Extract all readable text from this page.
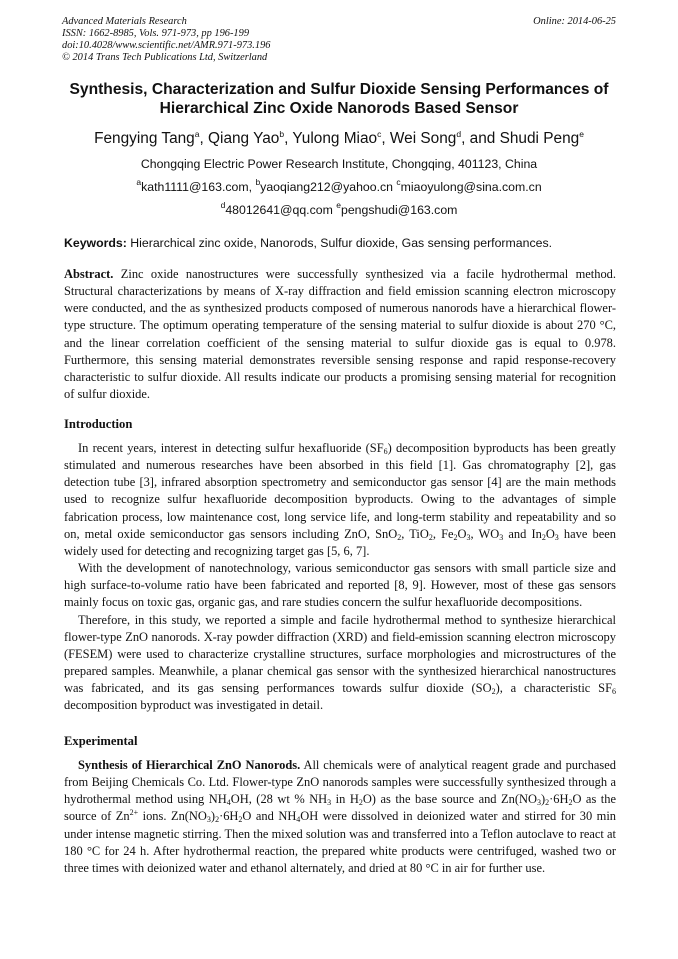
Advanced Materials Research
ISSN: 1662-8985, Vols. 971-973, pp 196-199
doi:10.4028/www.scientific.net/AMR.971-973.196
© 2014 Trans Tech Publications Ltd, Switzerland
Online: 2014-06-25
Synthesis, Characterization and Sulfur Dioxide Sensing Performances of
Hierarchical Zinc Oxide Nanorods Based Sensor
Fengying Tang$^a$, Qiang Yao$^b$, Yulong Miao$^c$, Wei Song$^d$, and Shudi Peng$^e$
Chongqing Electric Power Research Institute, Chongqing, 401123, China
$^a$kath1111@163.com, $^b$yaoqiang212@yahoo.cn $^c$miaoyulong@sina.com.cn
$^d$48012641@qq.com $^e$pengshudi@163.com
Keywords: Hierarchical zinc oxide, Nanorods, Sulfur dioxide, Gas sensing performances.

Abstract. Zinc oxide nanostructures were successfully synthesized via a facile hydrothermal method. Structural characterizations by means of X-ray diffraction and field emission scanning electron microscopy were conducted, and the as synthesized products composed of numerous nanorods have a hierarchical flower-type structure. The optimum operating temperature of the sensing material to sulfur dioxide is about 270 °C, and the linear correlation coefficient of the sensing material to sulfur dioxide gas is equal to 0.978. Furthermore, this sensing material demonstrates reversible sensing response and rapid response-recovery characteristic to sulfur dioxide. All results indicate our products a promising sensing material for recognition of sulfur dioxide.

Introduction

In recent years, interest in detecting sulfur hexafluoride $(SF_6)$ decomposition byproducts has been greatly stimulated and numerous researches have been absorbed in this field [1]. Gas chromatography [2], gas detection tube [3], infrared absorption spectrometry and semiconductor gas sensor [4] are the main methods used to recognize sulfur hexafluoride decomposition byproducts. Owing to the advantages of simple fabrication process, low maintenance cost, long service life, and long-term stability and repeatability and so on, metal oxide semiconductor gas sensors including ZnO, SnO$_2$, TiO$_2$, $Fe_2O_3$, $WO_3$ and $In_2O_3$ have been widely used for detecting and recognizing target gas [5, 6, 7].

With the development of nanotechnology, various semiconductor gas sensors with small particle size and high surface-to-volume ratio have been fabricated and reported [8, 9]. However, most of these gas sensors mainly focus on toxic gas, organic gas, and rare studies concern the sulfur hexafluoride decompositions.

Therefore, in this study, we reported a simple and facile hydrothermal method to synthesize hierarchical flower-type ZnO nanorods. X-ray powder diffraction (XRD) and field-emission scanning electron microscopy (FESEM) were used to characterize crystalline structures, surface morphologies and microstructures of the prepared samples. Meanwhile, a planar chemical gas sensor with the synthesized hierarchical nanostructures was fabricated, and its gas sensing performances towards sulfur dioxide $(SO_2)$, a characteristic $SF_6$ decomposition byproduct was investigated in detail.

Experimental

Synthesis of Hierarchical ZnO Nanorods. All chemicals were of analytical reagent grade and purchased from Beijing Chemicals Co. Ltd. Flower-type ZnO nanorods samples were successfully synthesized through a hydrothermal method using $NH_4OH$, (28 wt % $NH_3$ in $H_2O$) as the base source and $Zn(NO_3)_2\cdot 6H_2O$ as the source of $Zn^{2+}$ ions. $Zn(NO_3)_2\cdot 6H_2O$ and $NH_4OH$ were dissolved in deionized water and stirred for 30 min under intense magnetic stirring. Then the mixed solution was and transferred into a Teflon autoclave to react at 180 °C for 24 h. After hydrothermal reaction, the prepared white products were centrifuged, washed two or three times with deionized water and ethanol alternately, and dried at 80 °C in air for further use.
